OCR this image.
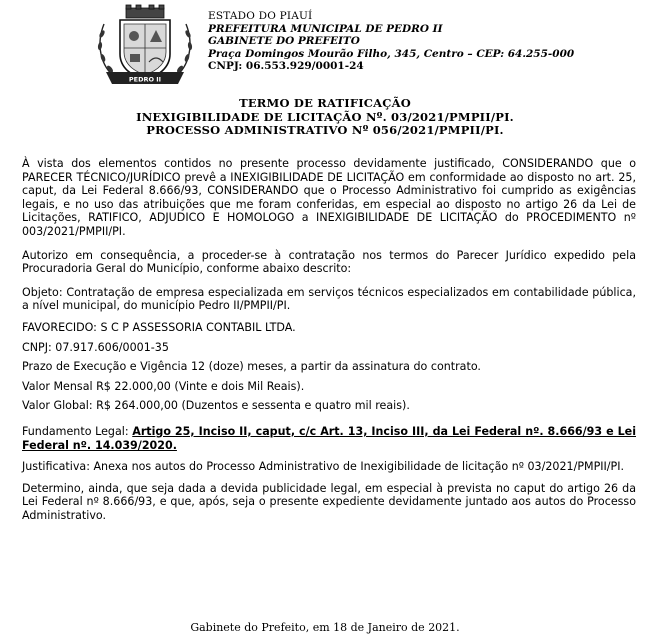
PEDRO II
ESTADO DO PIAUÍ
PREFEITURA MUNICIPAL DE PEDRO II
GABINETE DO PREFEITO
Praça Domingos Mourão Filho, 345, Centro – CEP: 64.255-000
CNPJ: 06.553.929/0001-24
TERMO DE RATIFICAÇÃO
INEXIGIBILIDADE DE LICITAÇÃO Nº. 03/2021/PMPII/PI.
PROCESSO ADMINISTRATIVO Nº 056/2021/PMPII/PI.

À vista dos elementos contidos no presente processo devidamente justificado, CONSIDERANDO que o PARECER TÉCNICO/JURÍDICO prevê a INEXIGIBILIDADE DE LICITAÇÃO em conformidade ao disposto no art. 25, caput, da Lei Federal 8.666/93, CONSIDERANDO que o Processo Administrativo foi cumprido as exigências legais, e no uso das atribuições que me foram conferidas, em especial ao disposto no artigo 26 da Lei de Licitações, RATIFICO, ADJUDICO E HOMOLOGO a INEXIGIBILIDADE DE LICITAÇÃO do PROCEDIMENTO nº 003/2021/PMPII/PI.

Autorizo em consequência, a proceder-se à contratação nos termos do Parecer Jurídico expedido pela Procuradoria Geral do Município, conforme abaixo descrito:

Objeto: Contratação de empresa especializada em serviços técnicos especializados em contabilidade pública, a nível municipal, do município Pedro II/PMPII/PI.

FAVORECIDO: S C P ASSESSORIA CONTABIL LTDA.

CNPJ: 07.917.606/0001-35

Prazo de Execução e Vigência 12 (doze) meses, a partir da assinatura do contrato.

Valor Mensal R$ 22.000,00 (Vinte e dois Mil Reais).

Valor Global: R$ 264.000,00 (Duzentos e sessenta e quatro mil reais).

Fundamento Legal: Artigo 25, Inciso II, caput, c/c Art. 13, Inciso III, da Lei Federal nº. 8.666/93 e Lei Federal nº. 14.039/2020.

Justificativa: Anexa nos autos do Processo Administrativo de Inexigibilidade de licitação nº 03/2021/PMPII/PI.

Determino, ainda, que seja dada a devida publicidade legal, em especial à prevista no caput do artigo 26 da Lei Federal nº 8.666/93, e que, após, seja o presente expediente devidamente juntado aos autos do Processo Administrativo.

Gabinete do Prefeito, em 18 de Janeiro de 2021.
